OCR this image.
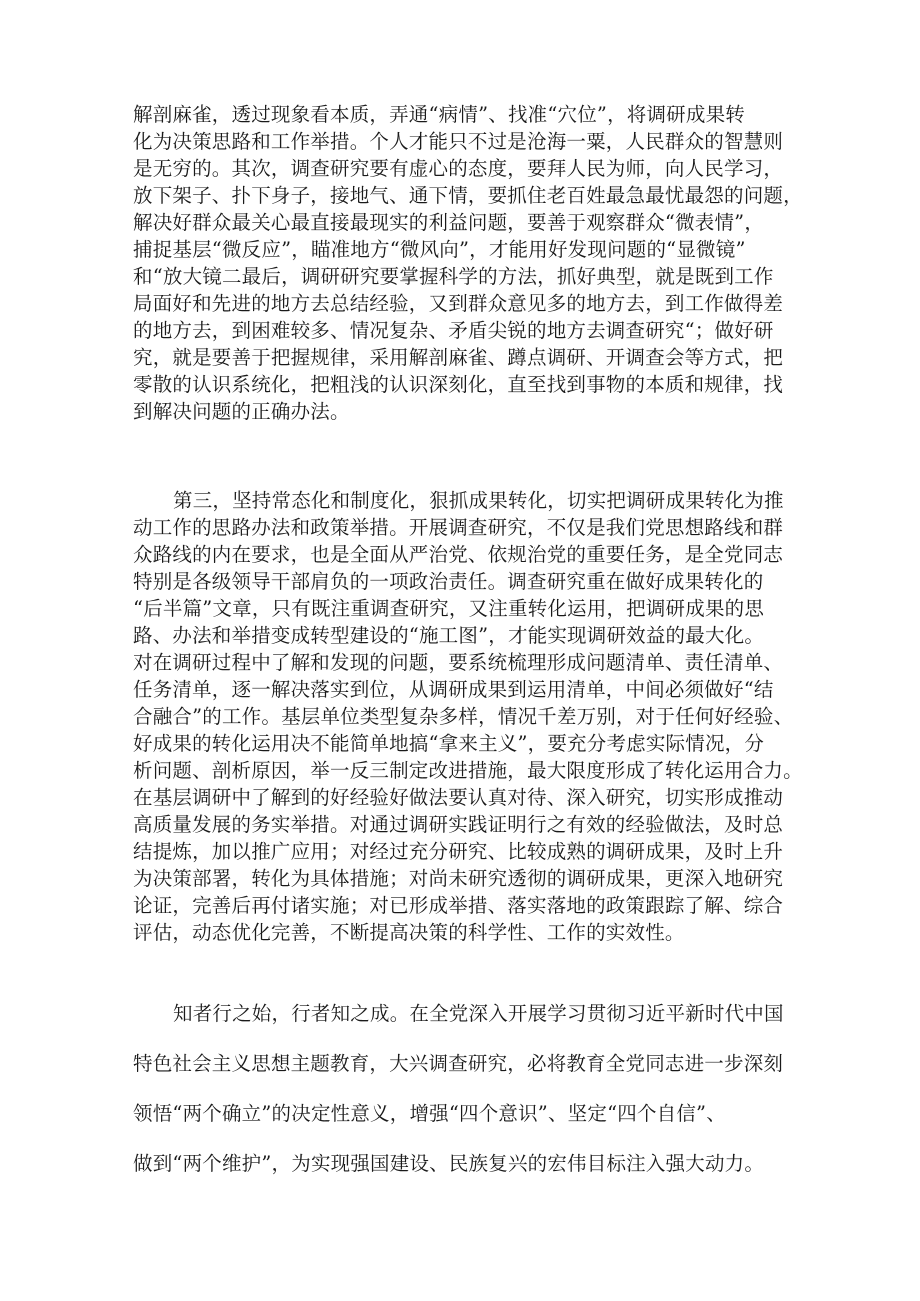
解剖麻雀，透过现象看本质，弄通“病情”、找准“穴位”，将调研成果转

化为决策思路和工作举措。个人才能只不过是沧海一粟，人民群众的智慧则

是无穷的。其次，调查研究要有虚心的态度，要拜人民为师，向人民学习，

放下架子、扑下身子，接地气、通下情，要抓住老百姓最急最忧最怨的问题，

解决好群众最关心最直接最现实的利益问题，要善于观察群众“微表情”，

捕捉基层“微反应”，瞄准地方“微风向”，才能用好发现问题的“显微镜”

和“放大镜二最后，调研研究要掌握科学的方法，抓好典型，就是既到工作

局面好和先进的地方去总结经验，又到群众意见多的地方去，到工作做得差

的地方去，到困难较多、情况复杂、矛盾尖锐的地方去调查研究“；做好研

究，就是要善于把握规律，采用解剖麻雀、蹲点调研、开调查会等方式，把

零散的认识系统化，把粗浅的认识深刻化，直至找到事物的本质和规律，找

到解决问题的正确办法。

第三，坚持常态化和制度化，狠抓成果转化，切实把调研成果转化为推

动工作的思路办法和政策举措。开展调查研究，不仅是我们党思想路线和群

众路线的内在要求，也是全面从严治党、依规治党的重要任务，是全党同志

特别是各级领导干部肩负的一项政治责任。调查研究重在做好成果转化的

“后半篇”文章，只有既注重调查研究，又注重转化运用，把调研成果的思

路、办法和举措变成转型建设的“施工图”，才能实现调研效益的最大化。

对在调研过程中了解和发现的问题，要系统梳理形成问题清单、责任清单、

任务清单，逐一解决落实到位，从调研成果到运用清单，中间必须做好“结

合融合”的工作。基层单位类型复杂多样，情况千差万别，对于任何好经验、

好成果的转化运用决不能简单地搞“拿来主义”，要充分考虑实际情况，分

析问题、剖析原因，举一反三制定改进措施，最大限度形成了转化运用合力。

在基层调研中了解到的好经验好做法要认真对待、深入研究，切实形成推动

高质量发展的务实举措。对通过调研实践证明行之有效的经验做法，及时总

结提炼，加以推广应用；对经过充分研究、比较成熟的调研成果，及时上升

为决策部署，转化为具体措施；对尚未研究透彻的调研成果，更深入地研究

论证，完善后再付诸实施；对已形成举措、落实落地的政策跟踪了解、综合

评估，动态优化完善，不断提高决策的科学性、工作的实效性。

知者行之始，行者知之成。在全党深入开展学习贯彻习近平新时代中国

特色社会主义思想主题教育，大兴调查研究，必将教育全党同志进一步深刻

领悟“两个确立”的决定性意义，增强“四个意识”、坚定“四个自信”、

做到“两个维护”，为实现强国建设、民族复兴的宏伟目标注入强大动力。
